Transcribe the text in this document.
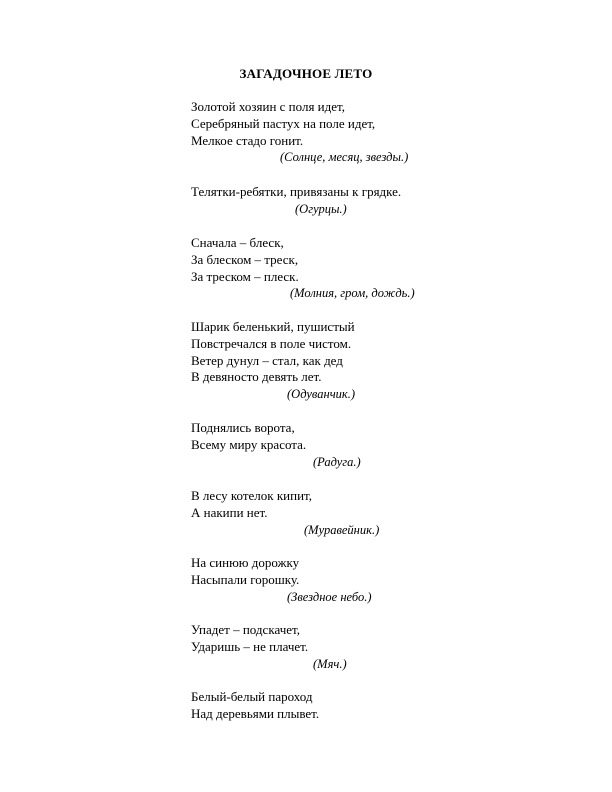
ЗАГАДОЧНОЕ ЛЕТО
Золотой хозяин с поля идет,
Серебряный пастух на поле идет,
Мелкое стадо гонит.
(Солнце, месяц, звезды.)
Телятки-ребятки, привязаны к грядке.
(Огурцы.)
Сначала – блеск,
За блеском – треск,
За треском – плеск.
(Молния, гром, дождь.)
Шарик беленький, пушистый
Повстречался в поле чистом.
Ветер дунул – стал, как дед
В девяносто девять лет.
(Одуванчик.)
Поднялись ворота,
Всему миру красота.
(Радуга.)
В лесу котелок кипит,
А накипи нет.
(Муравейник.)
На синюю дорожку
Насыпали горошку.
(Звездное небо.)
Упадет – подскачет,
Ударишь – не плачет.
(Мяч.)
Белый-белый пароход
Над деревьями плывет.
